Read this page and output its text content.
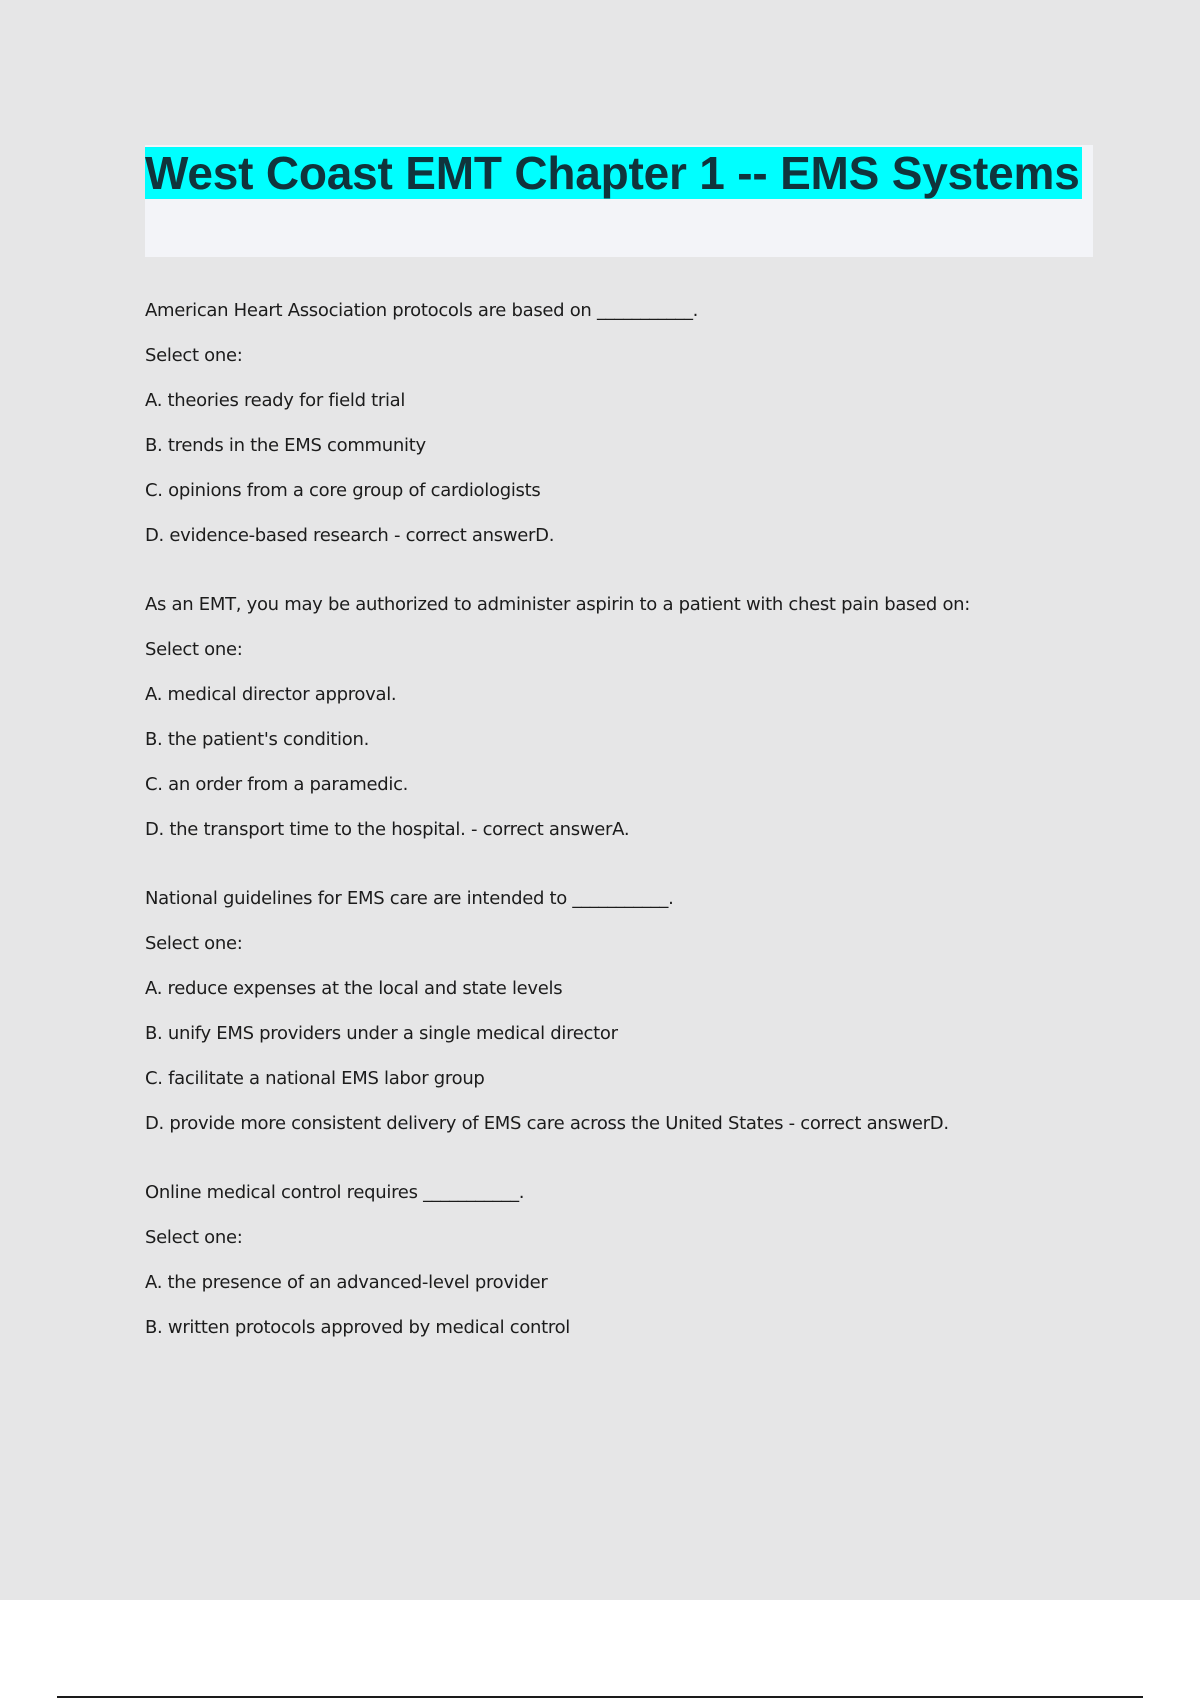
West Coast EMT Chapter 1 -- EMS Systems
American Heart Association protocols are based on ___________.
Select one:
A. theories ready for field trial
B. trends in the EMS community
C. opinions from a core group of cardiologists
D. evidence-based research - correct answerD.
As an EMT, you may be authorized to administer aspirin to a patient with chest pain based on:
Select one:
A. medical director approval.
B. the patient's condition.
C. an order from a paramedic.
D. the transport time to the hospital. - correct answerA.
National guidelines for EMS care are intended to ___________.
Select one:
A. reduce expenses at the local and state levels
B. unify EMS providers under a single medical director
C. facilitate a national EMS labor group
D. provide more consistent delivery of EMS care across the United States - correct answerD.
Online medical control requires ___________.
Select one:
A. the presence of an advanced-level provider
B. written protocols approved by medical control
